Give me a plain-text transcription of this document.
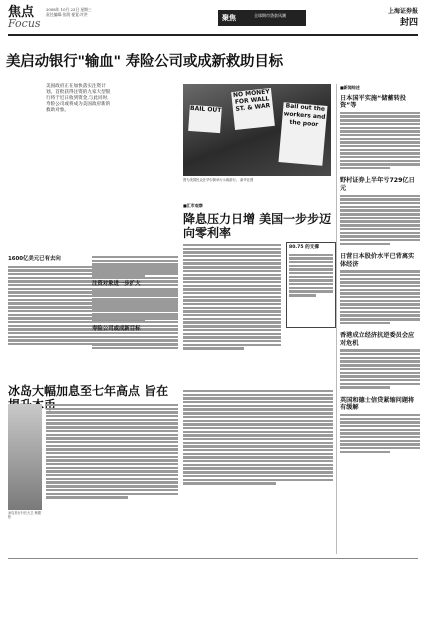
焦点
Focus
2008年 10月 23日 星期三
责任编辑:张润 视觉:许洪	聚焦	全球期市贷款风潮
上海证券报
封四
美启动银行"输血" 寿险公司或成新救助目标
美国政府正在加快落实注资计划。首批获得注资的九家大型银行将于近日收到资金,与此同时,寿险公司或将成为美国政府新的救助对象。
1600亿美元已有去向
注资对象进一步扩大
寿险公司或成新目标
NO MONEY FOR WALL ST. & WAR
BAIL OUT	Bail out the workers and the poor
图为美国民众在华尔街举行示威游行。 新华社图
■汇市观察
降息压力日增 美国一步步迈向零利率
80.75 的支撑
冰岛大幅加息至七年高点 旨在 本币
冰岛央行行长大卫·奥德松
■新闻综述
日本国平实施“储蓄转投资”等
野村证券上半年亏729亿日元
日营日本股价水平已背离实体经济
香港成立经济抗逆委员会应对危机
英国和德士信贷紧缩问题将有缓解
